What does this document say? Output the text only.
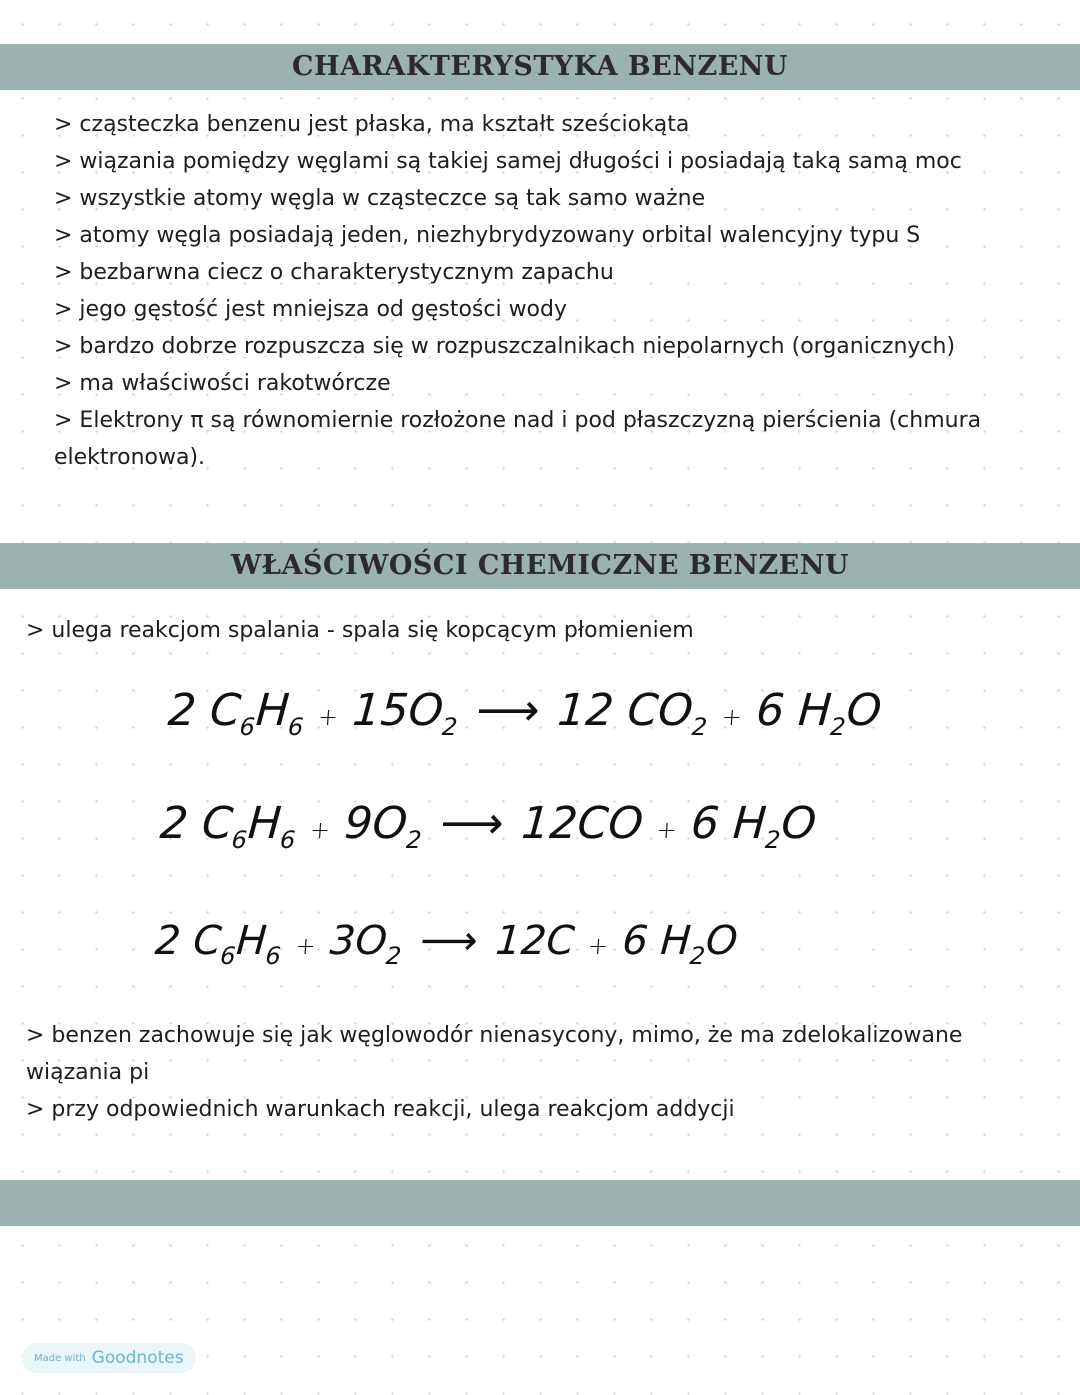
CHARAKTERYSTYKA BENZENU
> cząsteczka benzenu jest płaska, ma kształt sześciokąta
> wiązania pomiędzy węglami są takiej samej długości i posiadają taką samą moc
> wszystkie atomy węgla w cząsteczce są tak samo ważne
> atomy węgla posiadają jeden, niezhybrydyzowany orbital walencyjny typu S
> bezbarwna ciecz o charakterystycznym zapachu
> jego gęstość jest mniejsza od gęstości wody
> bardzo dobrze rozpuszcza się w rozpuszczalnikach niepolarnych (organicznych)
> ma właściwości rakotwórcze
> Elektrony π są równomiernie rozłożone nad i pod płaszczyzną pierścienia (chmura
elektronowa).
WŁAŚCIWOŚCI CHEMICZNE BENZENU
> ulega reakcjom spalania - spala się kopcącym płomieniem
2 $C_6H_6 + 15O_2$ ⟶ 12 $CO_2 + 6$ $H_2O$
2 $C_6H_6 + 9O_2$ ⟶ 12CO + 6 $H_2O$
2 $C_6H_6 + 3O_2$ ⟶ 12C + 6 $H_2O$
> benzen zachowuje się jak węglowodór nienasycony, mimo, że ma zdelokalizowane
wiązania pi
> przy odpowiednich warunkach reakcji, ulega reakcjom addycji
Made with Goodnotes
